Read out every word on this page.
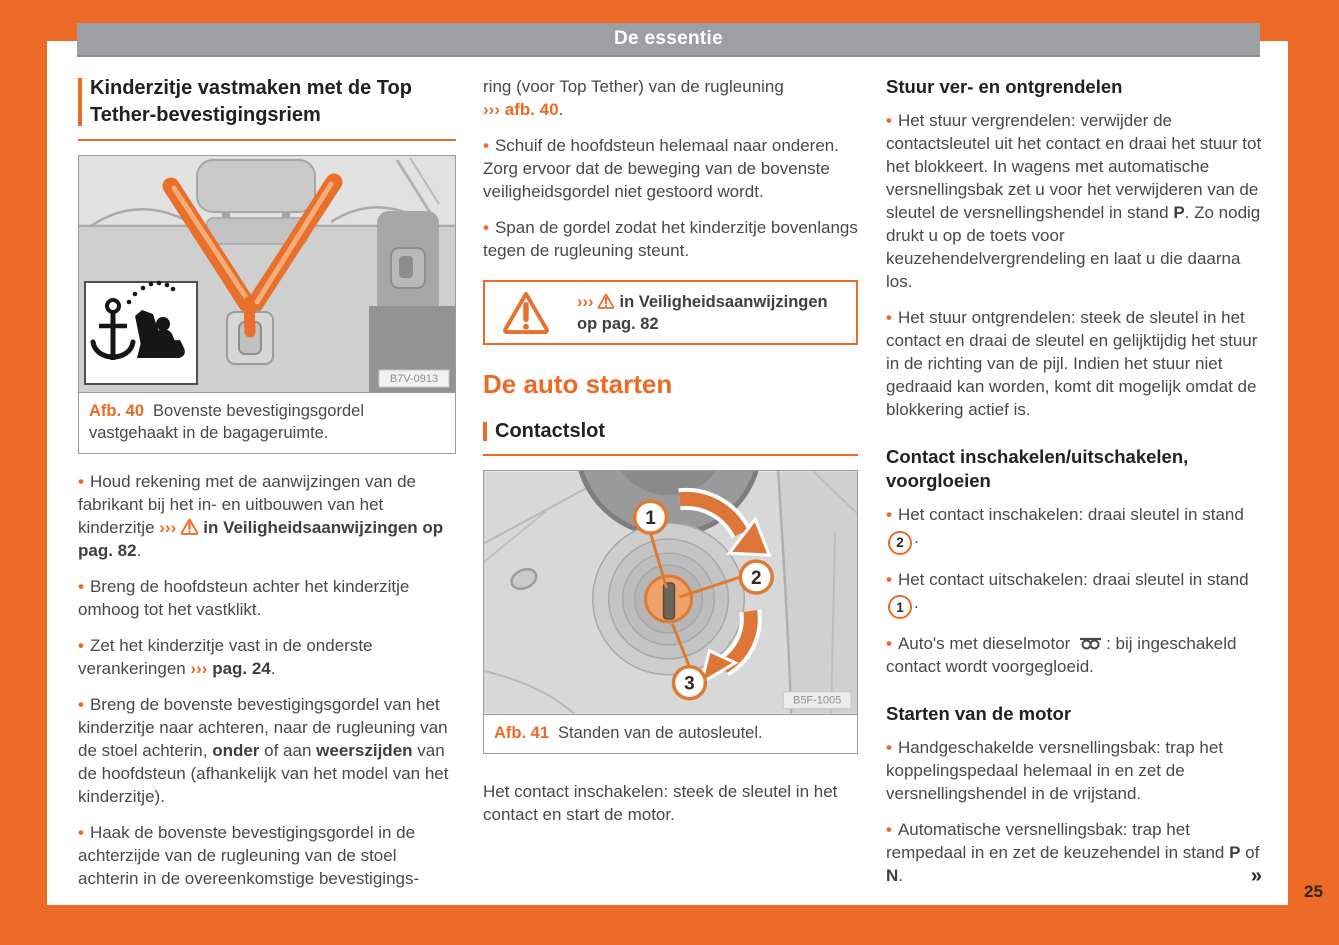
De essentie
Kinderzitje vastmaken met de Top Tether-bevestigingsriem
B7V-0913
Afb. 40 Bovenste bevestigingsgordel vastgehaakt in de bagageruimte.

• Houd rekening met de aanwijzingen van de fabrikant bij het in- en uitbouwen van het kinderzitje ››› in Veiligheidsaanwijzingen op pag. 82.

• Breng de hoofdsteun achter het kinderzitje omhoog tot het vastklikt.

• Zet het kinderzitje vast in de onderste verankeringen ››› pag. 24.

• Breng de bovenste bevestigingsgordel van het kinderzitje naar achteren, naar de rugleuning van de stoel achterin, onder of aan weerszijden van de hoofdsteun (afhankelijk van het model van het kinderzitje).

• Haak de bovenste bevestigingsgordel in de achterzijde van de rugleuning van de stoel achterin in de overeenkomstige bevestigings-

ring (voor Top Tether) van de rugleuning
››› afb. 40.

• Schuif de hoofdsteun helemaal naar onderen. Zorg ervoor dat de beweging van de bovenste veiligheidsgordel niet gestoord wordt.

• Span de gordel zodat het kinderzitje bovenlangs tegen de rugleuning steunt.

››› in Veiligheidsaanwijzingen op pag. 82
De auto starten
Contactslot
1
2
3
B5F-1005
Afb. 41 Standen van de autosleutel.

Het contact inschakelen: steek de sleutel in het contact en start de motor.

Stuur ver- en ontgrendelen

• Het stuur vergrendelen: verwijder de contactsleutel uit het contact en draai het stuur tot het blokkeert. In wagens met automatische versnellingsbak zet u voor het verwijderen van de sleutel de versnellingshendel in stand P. Zo nodig drukt u op de toets voor keuzehendelvergrendeling en laat u die daarna los.

• Het stuur ontgrendelen: steek de sleutel in het contact en draai de sleutel en gelijktijdig het stuur in de richting van de pijl. Indien het stuur niet gedraaid kan worden, komt dit mogelijk omdat de blokkering actief is.

Contact inschakelen/uitschakelen, voorgloeien

• Het contact inschakelen: draai sleutel in stand 2 .

• Het contact uitschakelen: draai sleutel in stand 1 .

• Auto's met dieselmotor : bij ingeschakeld contact wordt voorgegloeid.

Starten van de motor

• Handgeschakelde versnellingsbak: trap het koppelingspedaal helemaal in en zet de versnellingshendel in de vrijstand.

• Automatische versnellingsbak: trap het rempedaal in en zet de keuzehendel in stand P of N.	»

25
